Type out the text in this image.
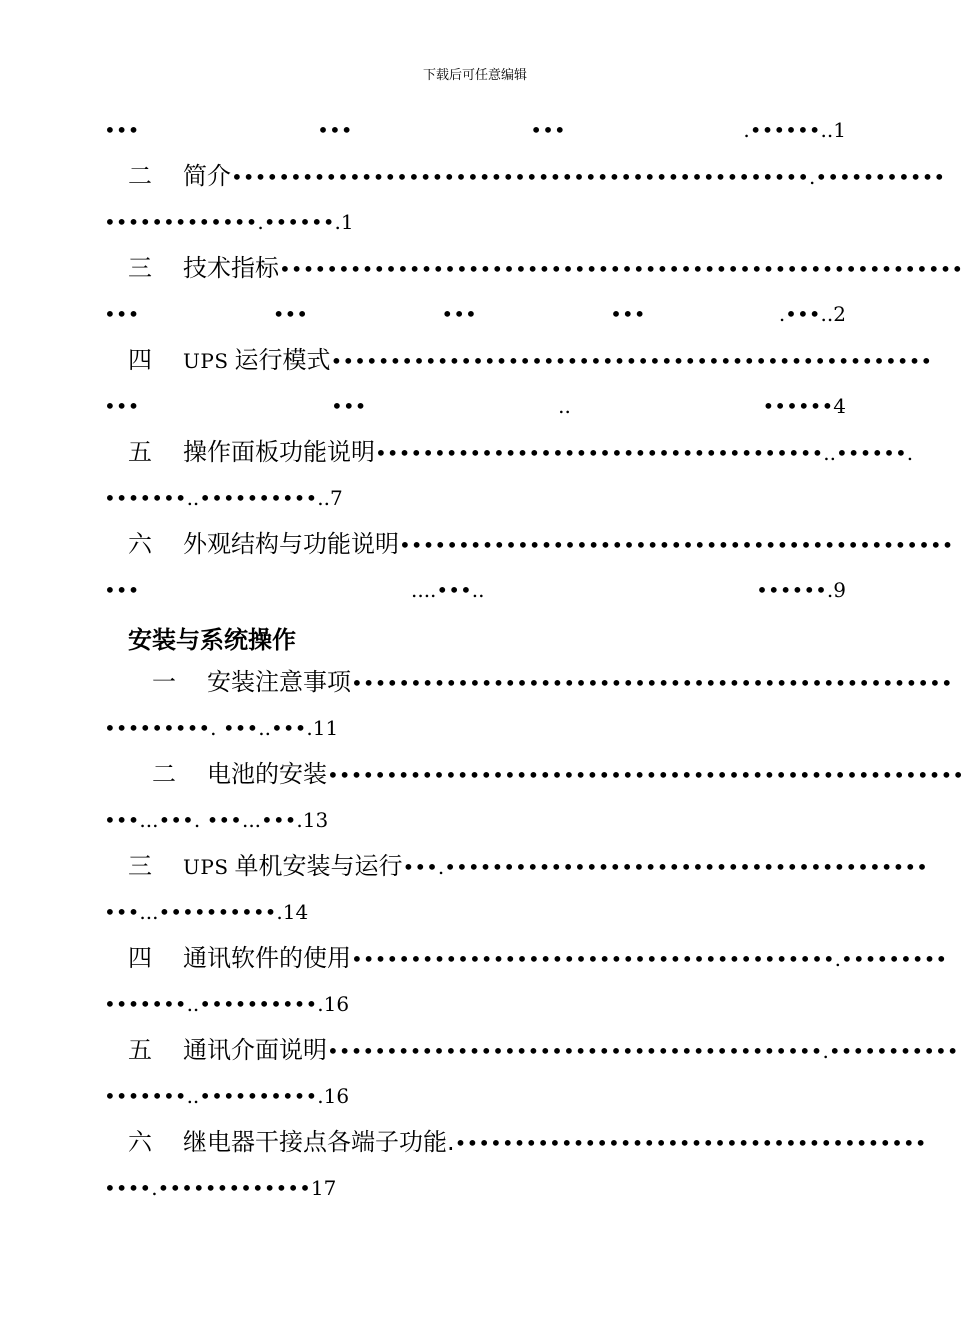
下载后可任意编辑
•••	•••	•••	.••••••..1
二	简介 •••••••••••••••••••••••••••••••••••••••••••••••••.•••••••••••
•••••••••••••.••••••.1
三	技术指标 ••••••••••••••••••••••••••••••••••••••••••••••••••••••••••
•••	•••	•••	•••	.•••..2
四	UPS 运行模式 •••••••••••••••••••••••••••••••••••••••••••••••••••
•••	•••	..	••••••4
五	操作面板功能说明 ••••••••••••••••••••••••••••••••••••••..••••••.
•••••••..••••••••••..7
六	外观结构与功能说明 •••••••••••••••••••••••••••••••••••••••••••••••
•••	....•••..	••••••.9
安装与系统操作
一	安装注意事项 •••••••••••••••••••••••••••••••••••••••••••••••••••
•••••••••. •••..•••.11
二	电池的安装 ••••••••••••••••••••••••••••••••••••••••••••••••••••••
•••...•••. •••...•••.13
三	UPS 单机安装与运行 •••.•••••••••••••••••••••••••••••••••••••••••
•••...••••••••••.14
四	通讯软件的使用 •••••••••••••••••••••••••••••••••••••••••.•••••••••
•••••••..••••••••••.16
五	通讯介面说明 ••••••••••••••••••••••••••••••••••••••••••.•••••••••••
•••••••..••••••••••.16
六	继电器干接点各端子功能. ••••••••••••••••••••••••••••••••••••••••
••••.•••••••••••••17
